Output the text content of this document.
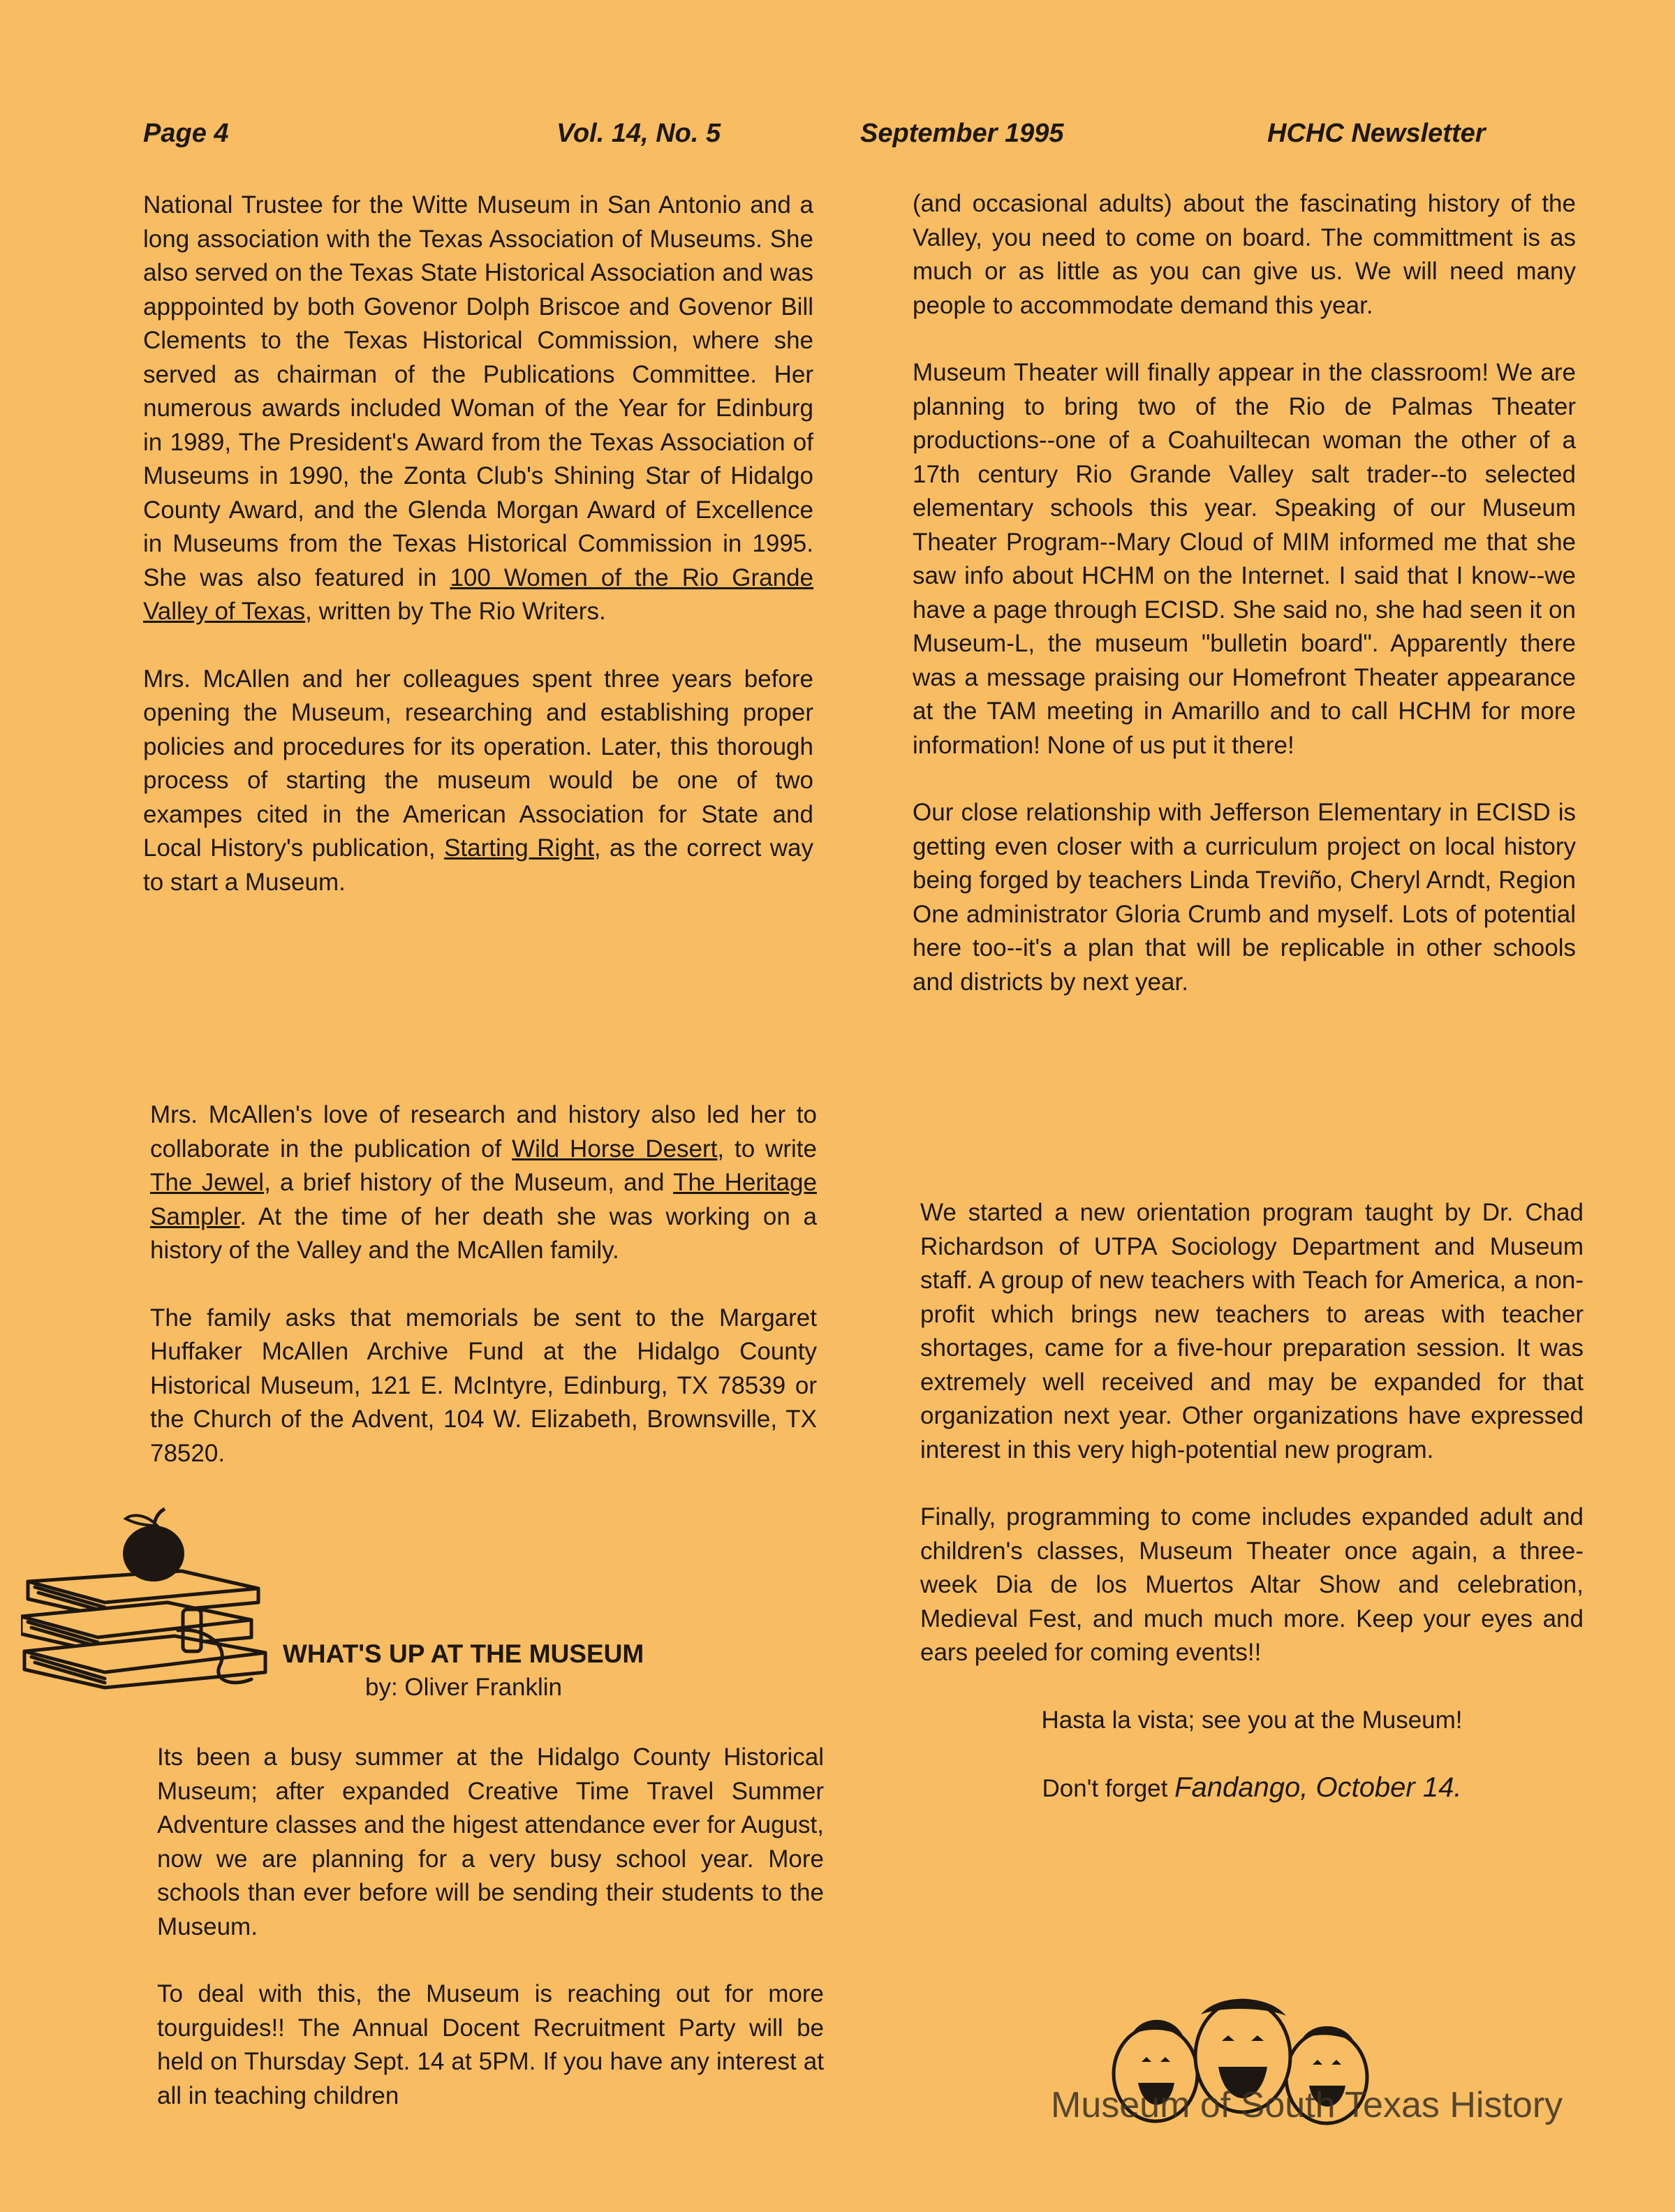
Page 4	Vol. 14, No. 5	September 1995	HCHC Newsletter

National Trustee for the Witte Museum in San Antonio and a long association with the Texas Association of Museums. She also served on the Texas State Historical Association and was apppointed by both Govenor Dolph Briscoe and Govenor Bill Clements to the Texas Historical Commission, where she served as chairman of the Publications Committee. Her numerous awards included Woman of the Year for Edinburg in 1989, The President's Award from the Texas Association of Museums in 1990, the Zonta Club's Shining Star of Hidalgo County Award, and the Glenda Morgan Award of Excellence in Museums from the Texas Historical Commission in 1995. She was also featured in 100 Women of the Rio Grande Valley of Texas, written by The Rio Writers.

Mrs. McAllen and her colleagues spent three years before opening the Museum, researching and establishing proper policies and procedures for its operation. Later, this thorough process of starting the museum would be one of two exampes cited in the American Association for State and Local History's publication, Starting Right, as the correct way to start a Museum.

Mrs. McAllen's love of research and history also led her to collaborate in the publication of Wild Horse Desert, to write The Jewel, a brief history of the Museum, and The Heritage Sampler. At the time of her death she was working on a history of the Valley and the McAllen family.

The family asks that memorials be sent to the Margaret Huffaker McAllen Archive Fund at the Hidalgo County Historical Museum, 121 E. McIntyre, Edinburg, TX 78539 or the Church of the Advent, 104 W. Elizabeth, Brownsville, TX 78520.

WHAT'S UP AT THE MUSEUM
by: Oliver Franklin

Its been a busy summer at the Hidalgo County Historical Museum; after expanded Creative Time Travel Summer Adventure classes and the higest attendance ever for August, now we are planning for a very busy school year. More schools than ever before will be sending their students to the Museum.

To deal with this, the Museum is reaching out for more tourguides!! The Annual Docent Recruitment Party will be held on Thursday Sept. 14 at 5PM. If you have any interest at all in teaching children

(and occasional adults) about the fascinating history of the Valley, you need to come on board. The committment is as much or as little as you can give us. We will need many people to accommodate demand this year.

Museum Theater will finally appear in the classroom! We are planning to bring two of the Rio de Palmas Theater productions--one of a Coahuiltecan woman the other of a 17th century Rio Grande Valley salt trader--to selected elementary schools this year. Speaking of our Museum Theater Program--Mary Cloud of MIM informed me that she saw info about HCHM on the Internet. I said that I know--we have a page through ECISD. She said no, she had seen it on Museum-L, the museum "bulletin board". Apparently there was a message praising our Homefront Theater appearance at the TAM meeting in Amarillo and to call HCHM for more information! None of us put it there!

Our close relationship with Jefferson Elementary in ECISD is getting even closer with a curriculum project on local history being forged by teachers Linda Treviño, Cheryl Arndt, Region One administrator Gloria Crumb and myself. Lots of potential here too--it's a plan that will be replicable in other schools and districts by next year.

We started a new orientation program taught by Dr. Chad Richardson of UTPA Sociology Department and Museum staff. A group of new teachers with Teach for America, a non-profit which brings new teachers to areas with teacher shortages, came for a five-hour preparation session. It was extremely well received and may be expanded for that organization next year. Other organizations have expressed interest in this very high-potential new program.

Finally, programming to come includes expanded adult and children's classes, Museum Theater once again, a three-week Dia de los Muertos Altar Show and celebration, Medieval Fest, and much much more. Keep your eyes and ears peeled for coming events!!

Hasta la vista; see you at the Museum!

Don't forget Fandango, October 14.

Museum of South Texas History
